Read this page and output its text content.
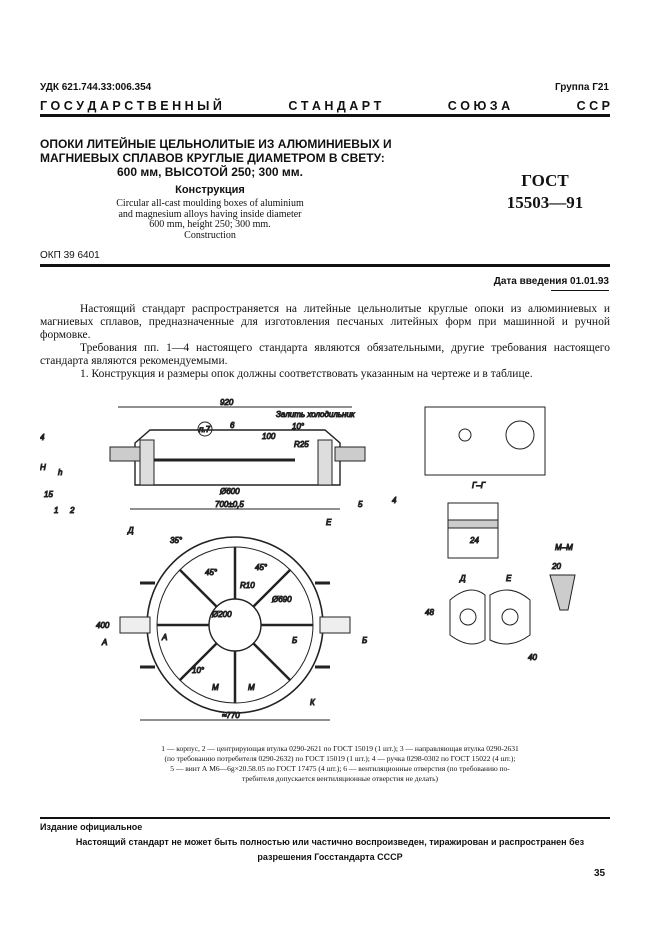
УДК 621.744.33:006.354	Группа Г21
Г О С У Д А Р С Т В Е Н Н Ы Й	С Т А Н Д А Р Т	С О Ю З А	С С Р
ОПОКИ ЛИТЕЙНЫЕ ЦЕЛЬНОЛИТЫЕ ИЗ АЛЮМИНИЕВЫХ И
МАГНИЕВЫХ СПЛАВОВ КРУГЛЫЕ ДИАМЕТРОМ В СВЕТУ:
600 мм, ВЫСОТОЙ 250; 300 мм.
Конструкция
Circular all-cast moulding boxes of aluminium
and magnesium alloys having inside diameter
600 mm, height 250; 300 mm.
Construction
ГОСТ
15503—91
ОКП 39 6401
Дата введения 01.01.93

Настоящий стандарт распространяется на литейные цельнолитые круглые опоки из алюминиевых и магниевых сплавов, предназначенные для изготовления песчаных литейных форм при машинной и ручной формовке.

Требования пп. 1—4 настоящего стандарта являются обязательными, другие требования настоящего стандарта являются рекомендуемыми.

1. Конструкция и размеры опок должны соответствовать указанным на чертеже и в таблице.

920
Залить холодильник
п.7 6
100
10°
R25
4
H
h
15
1 2
5	4
Ø600
700±0,5
Д
Е
35°
45°
45°
R10
Ø200
Ø690
А
А	Б	Б
400
М	М
К
10°
≈770
Г–Г
24
М–М
20
Д	Е
40
48
1 — корпус, 2 — центрирующая втулка 0290-2621 по ГОСТ 15019 (1 шт.); 3 — направляющая втулка 0290-2631
(по требованию потребителя 0290-2632) по ГОСТ 15019 (1 шт.); 4 — ручка 0298-0302 по ГОСТ 15022 (4 шт.);
5 — винт А М6—6g×20.58.05 по ГОСТ 17475 (4 шт.); 6 — вентиляционные отверстия (по требованию по-
требителя допускается вентиляционные отверстия не делать)
Издание официальное
Настоящий стандарт не может быть полностью или частично воспроизведен, тиражирован и распространен без
разрешения Госстандарта СССР
35
